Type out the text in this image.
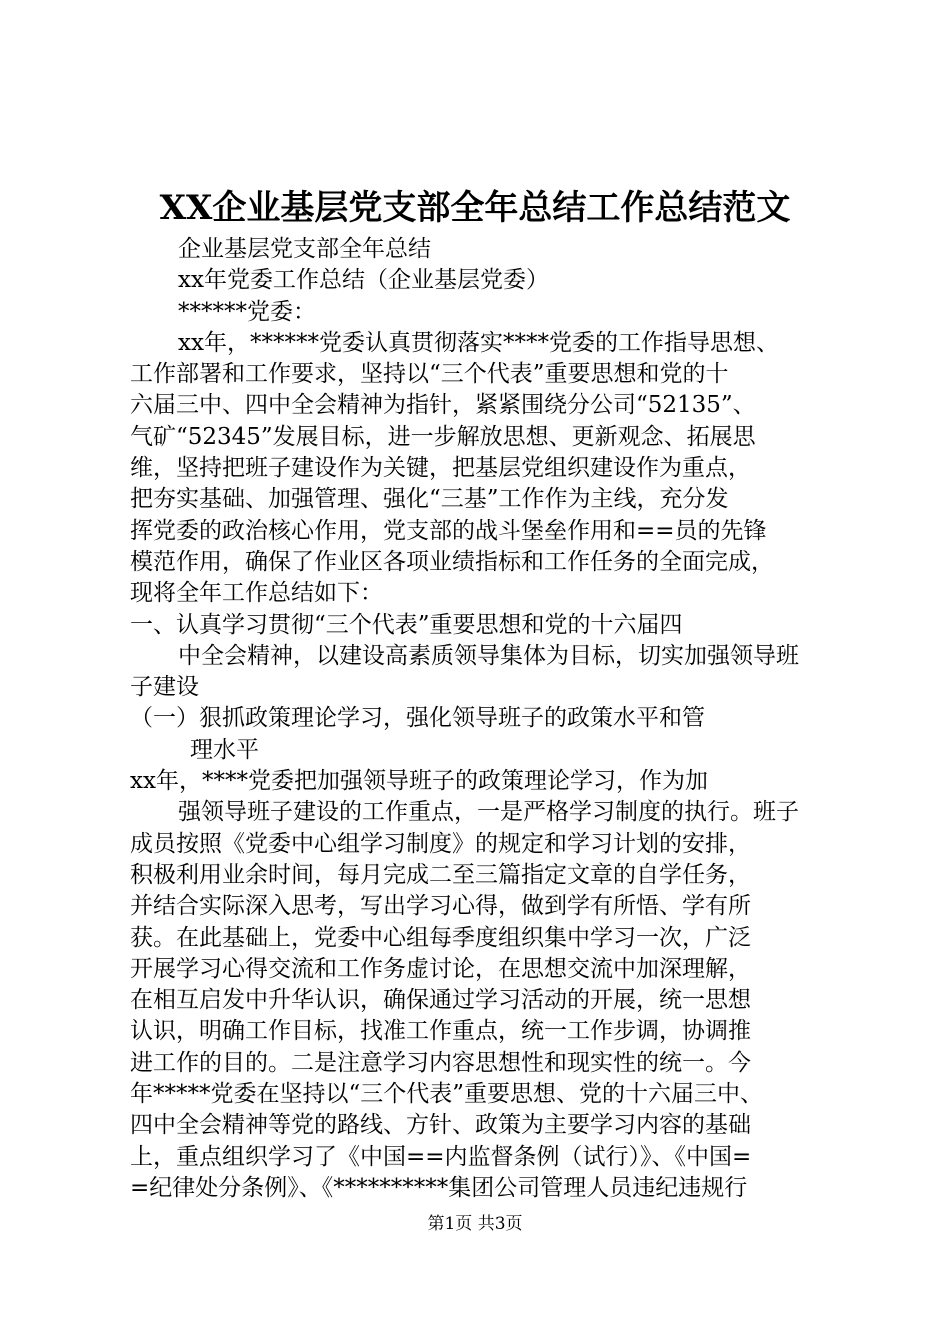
XX企业基层党支部全年总结工作总结范文
企业基层党支部全年总结
xx年党委工作总结（企业基层党委）
******党委：
xx年，******党委认真贯彻落实****党委的工作指导思想、
工作部署和工作要求，坚持以“三个代表”重要思想和党的十
六届三中、四中全会精神为指针，紧紧围绕分公司“52135”、
气矿“52345”发展目标，进一步解放思想、更新观念、拓展思
维，坚持把班子建设作为关键，把基层党组织建设作为重点，
把夯实基础、加强管理、强化“三基”工作作为主线，充分发
挥党委的政治核心作用，党支部的战斗堡垒作用和==员的先锋
模范作用，确保了作业区各项业绩指标和工作任务的全面完成，
现将全年工作总结如下：
一、认真学习贯彻“三个代表”重要思想和党的十六届四
中全会精神，以建设高素质领导集体为目标，切实加强领导班
子建设
（一）狠抓政策理论学习，强化领导班子的政策水平和管
理水平
xx年，****党委把加强领导班子的政策理论学习，作为加
强领导班子建设的工作重点，一是严格学习制度的执行。班子
成员按照《党委中心组学习制度》的规定和学习计划的安排，
积极利用业余时间，每月完成二至三篇指定文章的自学任务，
并结合实际深入思考，写出学习心得，做到学有所悟、学有所
获。在此基础上，党委中心组每季度组织集中学习一次，广泛
开展学习心得交流和工作务虚讨论，在思想交流中加深理解，
在相互启发中升华认识，确保通过学习活动的开展，统一思想
认识，明确工作目标，找准工作重点，统一工作步调，协调推
进工作的目的。二是注意学习内容思想性和现实性的统一。今
年*****党委在坚持以“三个代表”重要思想、党的十六届三中、
四中全会精神等党的路线、方针、政策为主要学习内容的基础
上，重点组织学习了《中国==内监督条例（试行）》、《中国=
=纪律处分条例》、《**********集团公司管理人员违纪违规行
第1页 共3页
